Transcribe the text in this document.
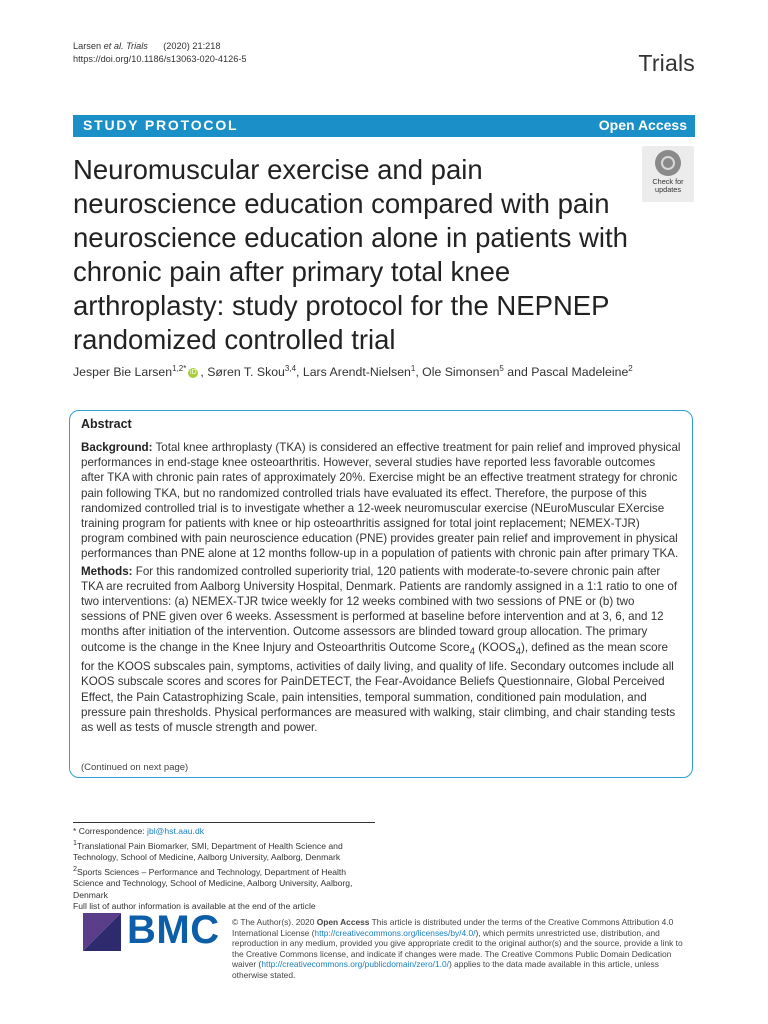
Larsen et al. Trials (2020) 21:218
https://doi.org/10.1186/s13063-020-4126-5	Trials
STUDY PROTOCOL	Open Access
Neuromuscular exercise and pain neuroscience education compared with pain neuroscience education alone in patients with chronic pain after primary total knee arthroplasty: study protocol for the NEPNEP randomized controlled trial
Check for
updates
Jesper Bie Larsen$^{1,2*}$ iD , Søren T. Skou$^{3,4}$, Lars Arendt-Nielsen$^1$, Ole Simonsen$^5$ and Pascal Madeleine$^2$
Abstract

Background: Total knee arthroplasty (TKA) is considered an effective treatment for pain relief and improved physical performances in end-stage knee osteoarthritis. However, several studies have reported less favorable outcomes after TKA with chronic pain rates of approximately 20%. Exercise might be an effective treatment strategy for chronic pain following TKA, but no randomized controlled trials have evaluated its effect. Therefore, the purpose of this randomized controlled trial is to investigate whether a 12-week neuromuscular exercise (NEuroMuscular EXercise training program for patients with knee or hip osteoarthritis assigned for total joint replacement; NEMEX-TJR) program combined with pain neuroscience education (PNE) provides greater pain relief and improvement in physical performances than PNE alone at 12 months follow-up in a population of patients with chronic pain after primary TKA.

Methods: For this randomized controlled superiority trial, 120 patients with moderate-to-severe chronic pain after TKA are recruited from Aalborg University Hospital, Denmark. Patients are randomly assigned in a 1:1 ratio to one of two interventions: (a) NEMEX-TJR twice weekly for 12 weeks combined with two sessions of PNE or (b) two sessions of PNE given over 6 weeks. Assessment is performed at baseline before intervention and at 3, 6, and 12 months after initiation of the intervention. Outcome assessors are blinded toward group allocation. The primary outcome is the change in the Knee Injury and Osteoarthritis Outcome Score$_4$ $(KOOS_4)$, defined as the mean score for the KOOS subscales pain, symptoms, activities of daily living, and quality of life. Secondary outcomes include all KOOS subscale scores and scores for PainDETECT, the Fear-Avoidance Beliefs Questionnaire, Global Perceived Effect, the Pain Catastrophizing Scale, pain intensities, temporal summation, conditioned pain modulation, and pressure pain thresholds. Physical performances are measured with walking, stair climbing, and chair standing tests as well as tests of muscle strength and power.

(Continued on next page)
* Correspondence: jbl@hst.aau.dk
$^1$Translational Pain Biomarker, SMI, Department of Health Science and Technology, School of Medicine, Aalborg University, Aalborg, Denmark
$^2$Sports Sciences – Performance and Technology, Department of Health Science and Technology, School of Medicine, Aalborg University, Aalborg, Denmark
Full list of author information is available at the end of the article
BMC © The Author(s). 2020 Open Access This article is distributed under the terms of the Creative Commons Attribution 4.0 International License (http://creativecommons.org/licenses/by/4.0/), which permits unrestricted use, distribution, and reproduction in any medium, provided you give appropriate credit to the original author(s) and the source, provide a link to the Creative Commons license, and indicate if changes were made. The Creative Commons Public Domain Dedication waiver (http://creativecommons.org/publicdomain/zero/1.0/) applies to the data made available in this article, unless otherwise stated.
